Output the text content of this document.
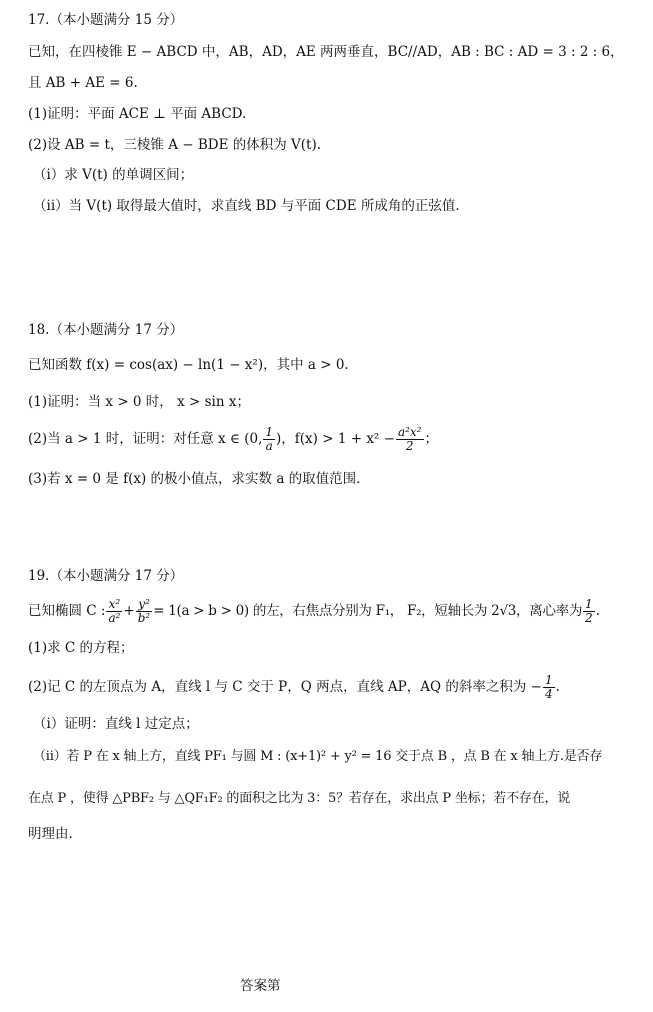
17.（本小题满分 15 分）
已知，在四棱锥 E − ABCD 中，AB，AD，AE 两两垂直，BC//AD，AB : BC : AD = 3 : 2 : 6，
且 AB + AE = 6.
(1)证明：平面 ACE ⊥ 平面 ABCD.
(2)设 AB = t，三棱锥 A − BDE 的体积为 V(t).
（i）求 V(t) 的单调区间；
（ii）当 V(t) 取得最大值时，求直线 BD 与平面 CDE 所成角的正弦值.
18.（本小题满分 17 分）
已知函数 f(x) = cos(ax) − ln(1 − x²)，其中 a > 0.
(1)证明：当 x > 0 时， x > sin x；
(2)当 a > 1 时，证明：对任意 x ∈ (0, $\frac{1}{a}$ )，$f(x) > 1 + x^2 - \frac{\text{a²x²}}{2}$ ；
(3)若 x = 0 是 f(x) 的极小值点，求实数 a 的取值范围.
19.（本小题满分 17 分）
已知椭圆 C : $\frac{\text{x²}}{\text{a²}} + \frac{\text{y²}}{\text{b²}} = 1(a > b > 0)$ 的左，右焦点分别为 F₁， F₂，短轴长为 2√3，离心率为 $\frac{1}{2}$ .
(1)求 C 的方程；
(2)记 C 的左顶点为 A，直线 l 与 C 交于 P，Q 两点，直线 AP，AQ 的斜率之积为 − $\frac{1}{4}$ .
（i）证明：直线 l 过定点；
（ii）若 P 在 x 轴上方，直线 PF₁ 与圆 M : (x+1)² + y² = 16 交于点 B ，点 B 在 x 轴上方.是否存
在点 P ，使得 △PBF₂ 与 △QF₁F₂ 的面积之比为 3：5？若存在，求出点 P 坐标；若不存在，说
明理由.
答案第
